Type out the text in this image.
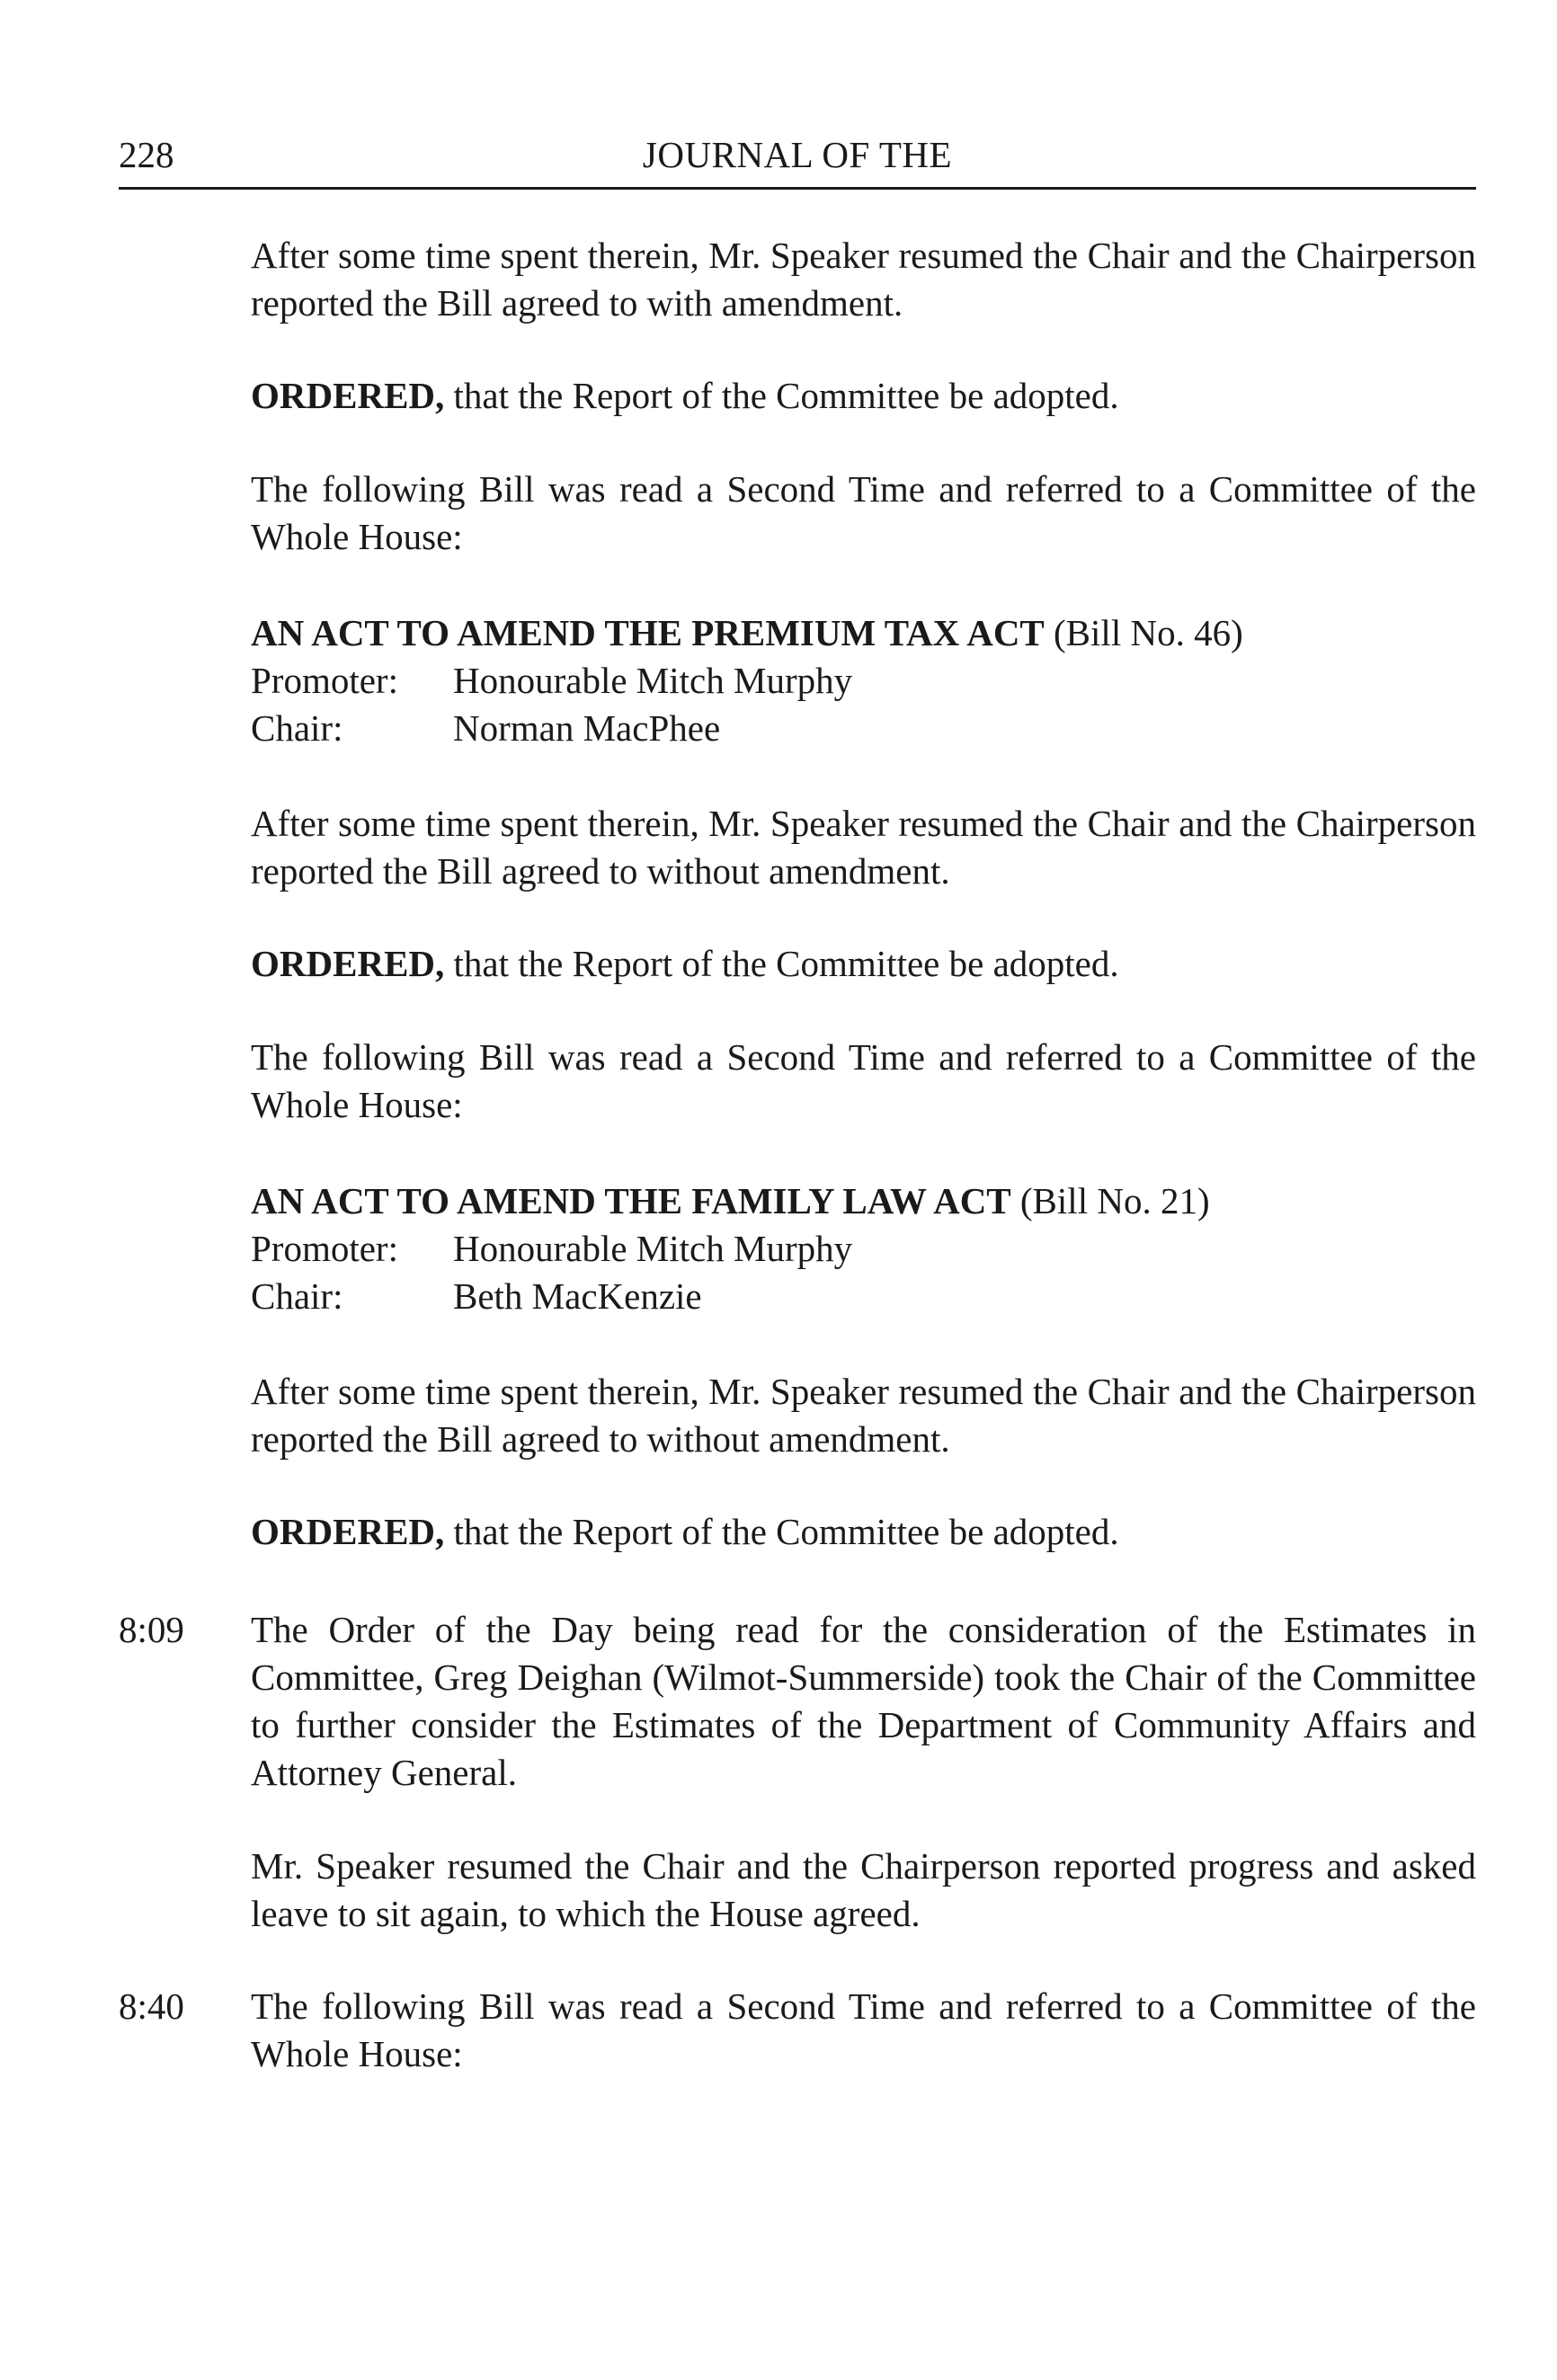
228	JOURNAL OF THE

After some time spent therein, Mr. Speaker resumed the Chair and the Chairperson reported the Bill agreed to with amendment.

ORDERED, that the Report of the Committee be adopted.

The following Bill was read a Second Time and referred to a Committee of the Whole House:

AN ACT TO AMEND THE PREMIUM TAX ACT (Bill No. 46)

Promoter:	Honourable Mitch Murphy
Chair:	Norman MacPhee

After some time spent therein, Mr. Speaker resumed the Chair and the Chairperson reported the Bill agreed to without amendment.

ORDERED, that the Report of the Committee be adopted.

The following Bill was read a Second Time and referred to a Committee of the Whole House:

AN ACT TO AMEND THE FAMILY LAW ACT (Bill No. 21)

Promoter:	Honourable Mitch Murphy
Chair:	Beth MacKenzie

After some time spent therein, Mr. Speaker resumed the Chair and the Chairperson reported the Bill agreed to without amendment.

ORDERED, that the Report of the Committee be adopted.

8:09 The Order of the Day being read for the consideration of the Estimates in Committee, Greg Deighan (Wilmot-Summerside) took the Chair of the Committee to further consider the Estimates of the Department of Community Affairs and Attorney General.

Mr. Speaker resumed the Chair and the Chairperson reported progress and asked leave to sit again, to which the House agreed.

8:40 The following Bill was read a Second Time and referred to a Committee of the Whole House:
